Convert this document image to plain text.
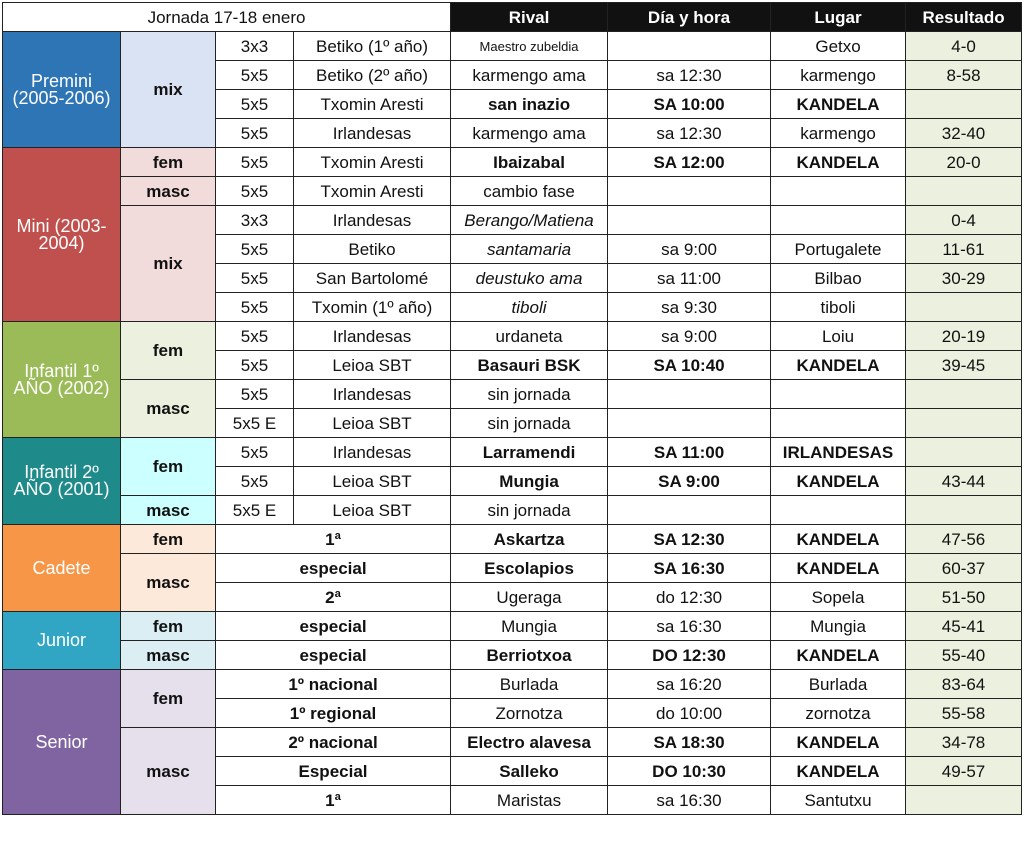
Jornada 17-18 enero				Rival	Día y hora	Lugar	Resultado
Premini (2005-2006)	mix	3x3	Betiko (1º año)	Maestro zubeldia		Getxo	4-0
		5x5	Betiko (2º año)	karmengo ama	sa 12:30	karmengo	8-58
		5x5	Txomin Aresti	san inazio	SA 10:00	KANDELA	
		5x5	Irlandesas	karmengo ama	sa 12:30	karmengo	32-40
Mini (2003-2004)	fem	5x5	Txomin Aresti	Ibaizabal	SA 12:00	KANDELA	20-0
	masc	5x5	Txomin Aresti	cambio fase			
	mix	3x3	Irlandesas	Berango/Matiena			0-4
		5x5	Betiko	santamaria	sa 9:00	Portugalete	11-61
		5x5	San Bartolomé	deustuko ama	sa 11:00	Bilbao	30-29
		5x5	Txomin (1º año)	tiboli	sa 9:30	tiboli	
Infantil 1º AÑO (2002)	fem	5x5	Irlandesas	urdaneta	sa 9:00	Loiu	20-19
		5x5	Leioa SBT	Basauri BSK	SA 10:40	KANDELA	39-45
	masc	5x5	Irlandesas	sin jornada			
		5x5 E	Leioa SBT	sin jornada			
Infantil 2º AÑO (2001)	fem	5x5	Irlandesas	Larramendi	SA 11:00	IRLANDESAS	
		5x5	Leioa SBT	Mungia	SA 9:00	KANDELA	43-44
	masc	5x5 E	Leioa SBT	sin jornada			
Cadete	fem	1ª		Askartza	SA 12:30	KANDELA	47-56
	masc	especial		Escolapios	SA 16:30	KANDELA	60-37
		2ª		Ugeraga	do 12:30	Sopela	51-50
Junior	fem	especial		Mungia	sa 16:30	Mungia	45-41
	masc	especial		Berriotxoa	DO 12:30	KANDELA	55-40
Senior	fem	1º nacional		Burlada	sa 16:20	Burlada	83-64
		1º regional		Zornotza	do 10:00	zornotza	55-58
	masc	2º nacional		Electro alavesa	SA 18:30	KANDELA	34-78
		Especial		Salleko	DO 10:30	KANDELA	49-57
		1ª		Maristas	sa 16:30	Santutxu	
